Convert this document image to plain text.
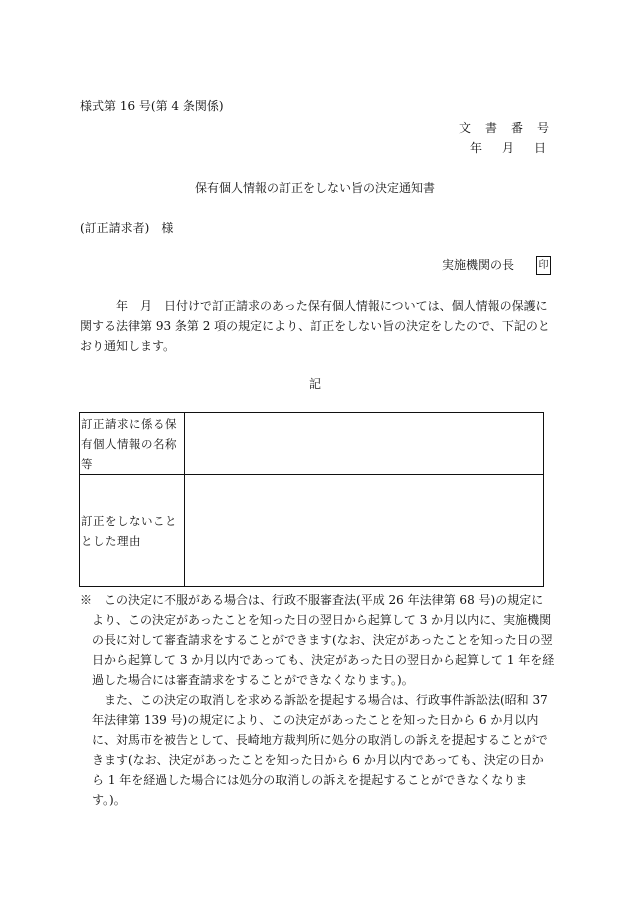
様式第 16 号(第 4 条関係)
文　書　番　号
年　月　日
保有個人情報の訂正をしない旨の決定通知書
(訂正請求者)　様
実施機関の長 印
年　月　日付けで訂正請求のあった保有個人情報については、個人情報の保護に関する法律第 93 条第 2 項の規定により、訂正をしない旨の決定をしたので、下記のとおり通知します。
記
訂正請求に係る保有個人情報の名称等	
訂正をしないこととした理由	
※　 この決定に不服がある場合は、行政不服審査法(平成 26 年法律第 68 号)の規定により、この決定があったことを知った日の翌日から起算して 3 か月以内に、実施機関の長に対して審査請求をすることができます(なお、決定があったことを知った日の翌日から起算して 3 か月以内であっても、決定があった日の翌日から起算して 1 年を経過した場合には審査請求をすることができなくなります。)。
また、この決定の取消しを求める訴訟を提起する場合は、行政事件訴訟法(昭和 37 年法律第 139 号)の規定により、この決定があったことを知った日から 6 か月以内に、対馬市を被告として、長崎地方裁判所に処分の取消しの訴えを提起することができます(なお、決定があったことを知った日から 6 か月以内であっても、決定の日から 1 年を経過した場合には処分の取消しの訴えを提起することができなくなります。)。
